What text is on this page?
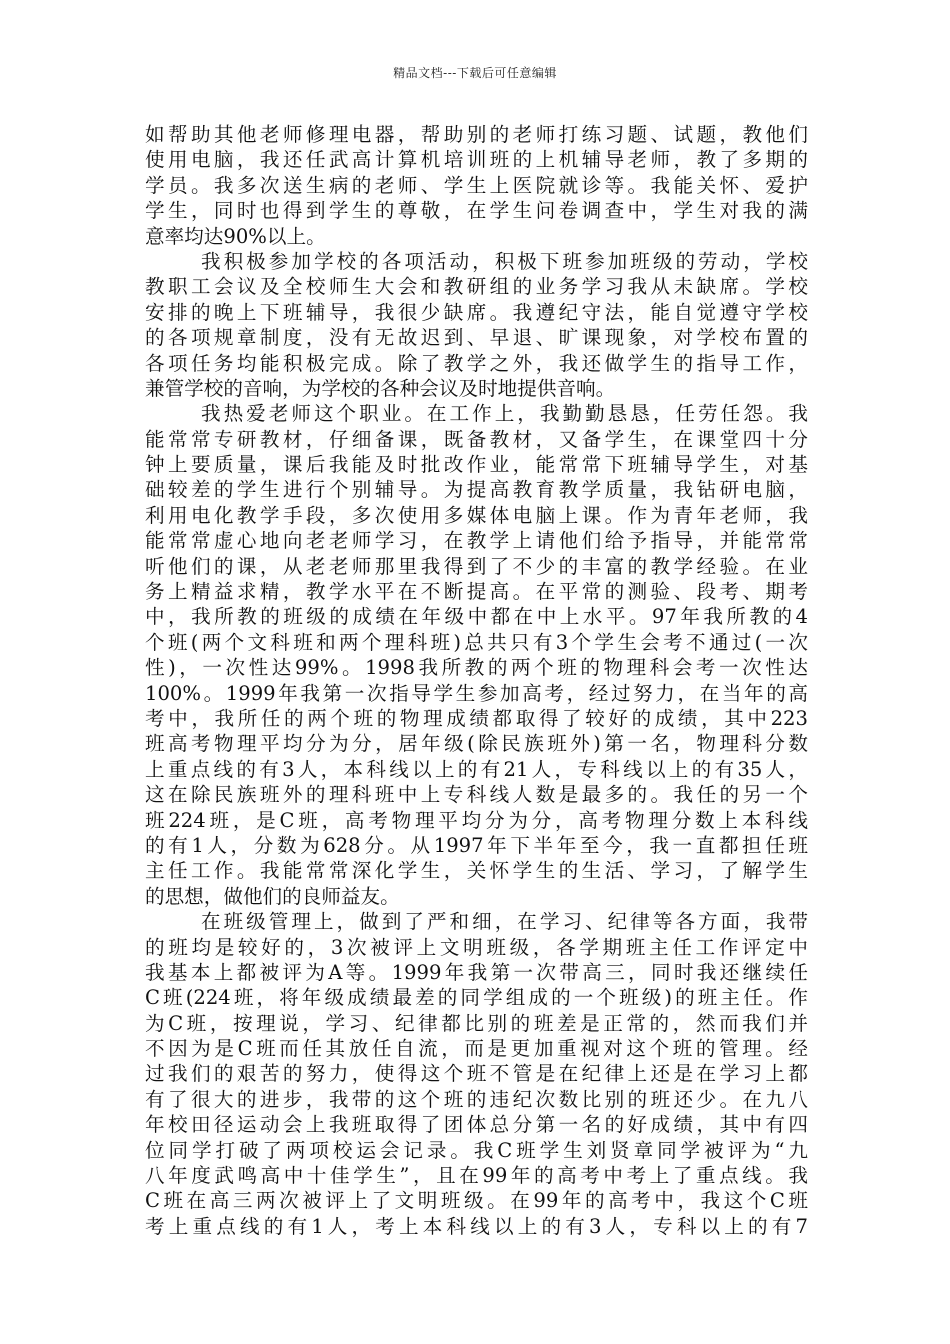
精品文档---下载后可任意编辑
如帮助其他老师修理电器，帮助别的老师打练习题、试题，教他们
使用电脑，我还任武高计算机培训班的上机辅导老师，教了多期的
学员。我多次送生病的老师、学生上医院就诊等。我能关怀、爱护
学生，同时也得到学生的尊敬，在学生问卷调查中，学生对我的满
意率均达90%以上。
我积极参加学校的各项活动，积极下班参加班级的劳动，学校
教职工会议及全校师生大会和教研组的业务学习我从未缺席。学校
安排的晚上下班辅导，我很少缺席。我遵纪守法，能自觉遵守学校
的各项规章制度，没有无故迟到、早退、旷课现象，对学校布置的
各项任务均能积极完成。除了教学之外，我还做学生的指导工作，
兼管学校的音响，为学校的各种会议及时地提供音响。
我热爱老师这个职业。在工作上，我勤勤恳恳，任劳任怨。我
能常常专研教材，仔细备课，既备教材，又备学生，在课堂四十分
钟上要质量，课后我能及时批改作业，能常常下班辅导学生，对基
础较差的学生进行个别辅导。为提高教育教学质量，我钻研电脑，
利用电化教学手段，多次使用多媒体电脑上课。作为青年老师，我
能常常虚心地向老老师学习，在教学上请他们给予指导，并能常常
听他们的课，从老老师那里我得到了不少的丰富的教学经验。在业
务上精益求精，教学水平在不断提高。在平常的测验、段考、期考
中，我所教的班级的成绩在年级中都在中上水平。97年我所教的4
个班(两个文科班和两个理科班)总共只有3个学生会考不通过(一次
性)，一次性达99%。1998我所教的两个班的物理科会考一次性达
100%。1999年我第一次指导学生参加高考，经过努力，在当年的高
考中，我所任的两个班的物理成绩都取得了较好的成绩，其中223
班高考物理平均分为分，居年级(除民族班外)第一名，物理科分数
上重点线的有3人，本科线以上的有21人，专科线以上的有35人，
这在除民族班外的理科班中上专科线人数是最多的。我任的另一个
班224班，是C班，高考物理平均分为分，高考物理分数上本科线
的有1人，分数为628分。从1997年下半年至今，我一直都担任班
主任工作。我能常常深化学生，关怀学生的生活、学习，了解学生
的思想，做他们的良师益友。
在班级管理上，做到了严和细，在学习、纪律等各方面，我带
的班均是较好的，3次被评上文明班级，各学期班主任工作评定中
我基本上都被评为A等。1999年我第一次带高三，同时我还继续任
C班(224班，将年级成绩最差的同学组成的一个班级)的班主任。作
为C班，按理说，学习、纪律都比别的班差是正常的，然而我们并
不因为是C班而任其放任自流，而是更加重视对这个班的管理。经
过我们的艰苦的努力，使得这个班不管是在纪律上还是在学习上都
有了很大的进步，我带的这个班的违纪次数比别的班还少。在九八
年校田径运动会上我班取得了团体总分第一名的好成绩，其中有四
位同学打破了两项校运会记录。我C班学生刘贤章同学被评为“九
八年度武鸣高中十佳学生”，且在99年的高考中考上了重点线。我
C班在高三两次被评上了文明班级。在99年的高考中，我这个C班
考上重点线的有1人，考上本科线以上的有3人，专科以上的有7
